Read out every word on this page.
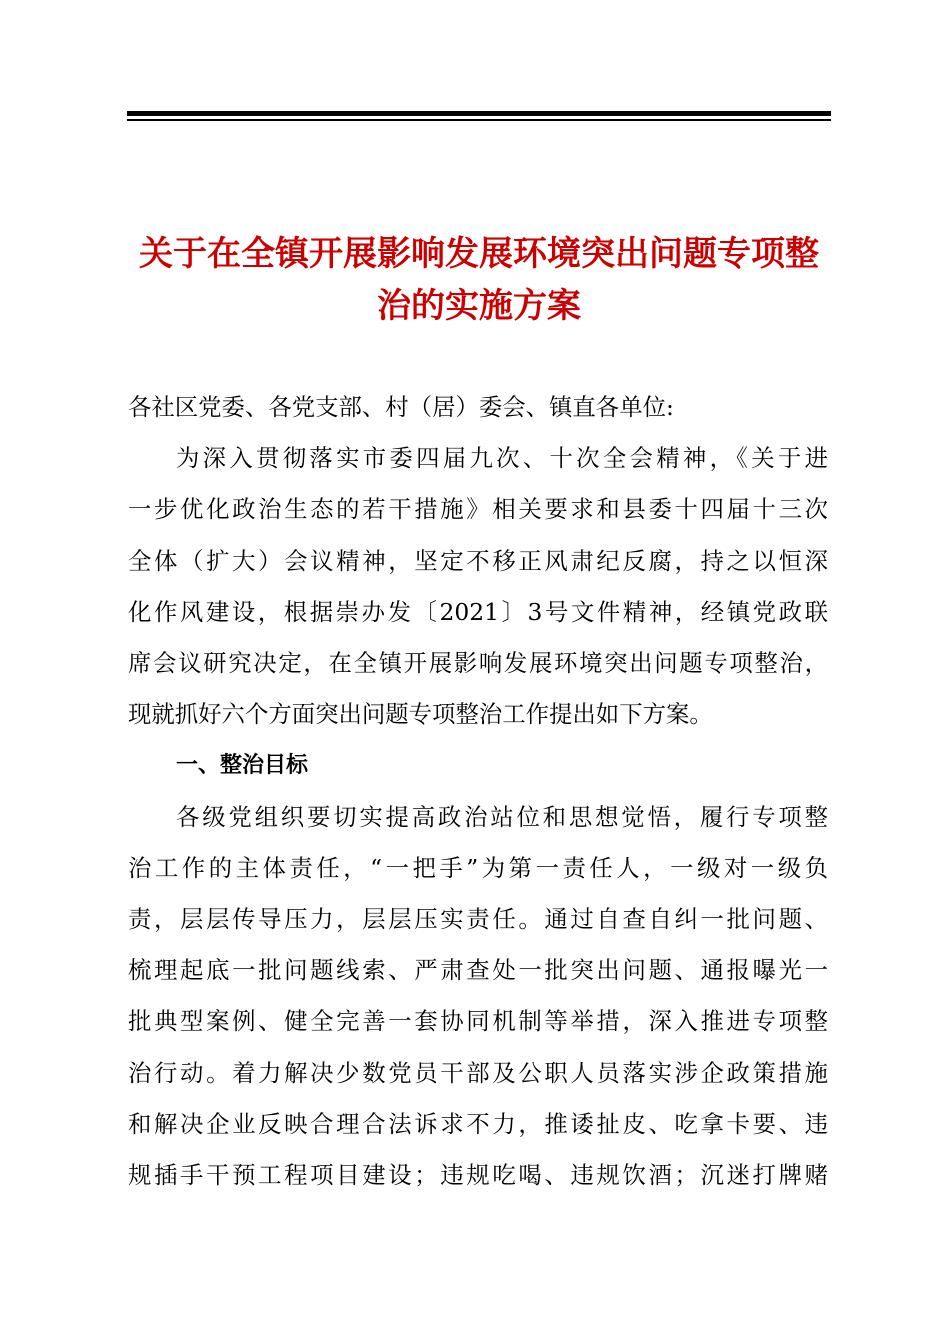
关于在全镇开展影响发展环境突出问题专项整
治的实施方案
各社区党委、各党支部、村（居）委会、镇直各单位:
为深入贯彻落实市委四届九次、十次全会精神，《关于进
一步优化政治生态的若干措施》相关要求和县委十四届十三次
全体（扩大）会议精神，坚定不移正风肃纪反腐，持之以恒深
化作风建设，根据崇办发〔2021〕3号文件精神，经镇党政联
席会议研究决定，在全镇开展影响发展环境突出问题专项整治，
现就抓好六个方面突出问题专项整治工作提出如下方案。
一、整治目标
各级党组织要切实提高政治站位和思想觉悟，履行专项整
治工作的主体责任，“一把手”为第一责任人，一级对一级负
责，层层传导压力，层层压实责任。通过自查自纠一批问题、
梳理起底一批问题线索、严肃查处一批突出问题、通报曝光一
批典型案例、健全完善一套协同机制等举措，深入推进专项整
治行动。着力解决少数党员干部及公职人员落实涉企政策措施
和解决企业反映合理合法诉求不力，推诿扯皮、吃拿卡要、违
规插手干预工程项目建设；违规吃喝、违规饮酒；沉迷打牌赌
